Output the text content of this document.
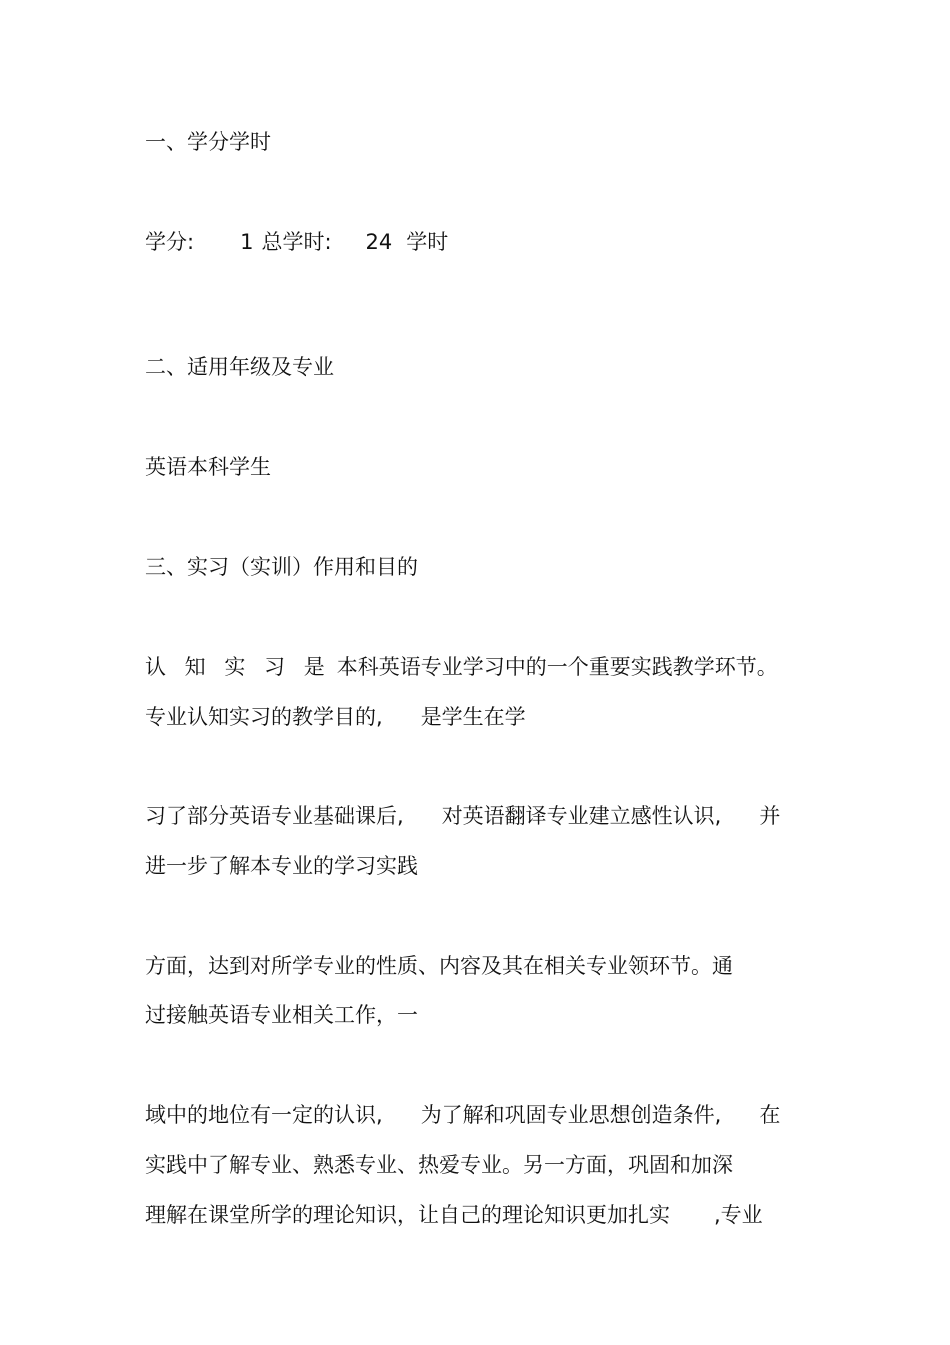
一、学分学时

学分: 1 总学时: 24 学时

二、适用年级及专业

英语本科学生

三、实习（实训）作用和目的

认 知 实 习 是 本科英语专业学习中的一个重要实践教学环节。

专业认知实习的教学目的, 是学生在学

习了部分英语专业基础课后, 对英语翻译专业建立感性认识, 并

进一步了解本专业的学习实践

方面，达到对所学专业的性质、内容及其在相关专业领环节。通

过接触英语专业相关工作，一

域中的地位有一定的认识, 为了解和巩固专业思想创造条件, 在

实践中了解专业、熟悉专业、热爱专业。另一方面，巩固和加深

理解在课堂所学的理论知识，让自己的理论知识更加扎实 ,专业
